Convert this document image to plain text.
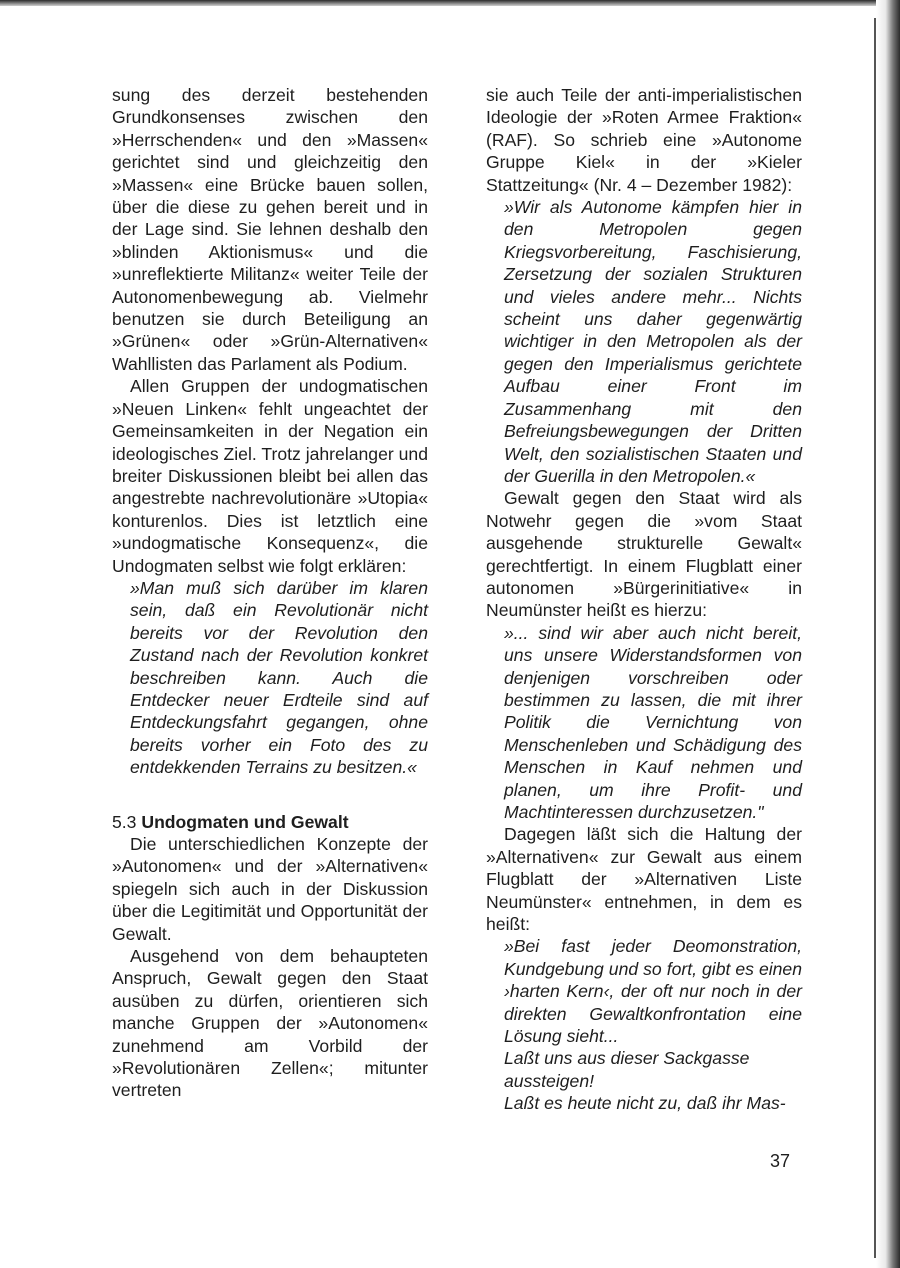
sung des derzeit bestehenden Grundkonsenses zwischen den »Herrschenden« und den »Massen« gerichtet sind und gleichzeitig den »Massen« eine Brücke bauen sollen, über die diese zu gehen bereit und in der Lage sind. Sie lehnen deshalb den »blinden Aktionismus« und die »unreflektierte Militanz« weiter Teile der Autonomenbewegung ab. Vielmehr benutzen sie durch Beteiligung an »Grünen« oder »Grün-Alternativen« Wahllisten das Parlament als Podium.

Allen Gruppen der undogmatischen »Neuen Linken« fehlt ungeachtet der Gemeinsamkeiten in der Negation ein ideologisches Ziel. Trotz jahrelanger und breiter Diskussionen bleibt bei allen das angestrebte nachrevolutionäre »Utopia« konturenlos. Dies ist letztlich eine »undogmatische Konsequenz«, die Undogmaten selbst wie folgt erklären:

»Man muß sich darüber im klaren sein, daß ein Revolutionär nicht bereits vor der Revolution den Zustand nach der Revolution konkret beschreiben kann. Auch die Entdecker neuer Erdteile sind auf Entdeckungsfahrt gegangen, ohne bereits vorher ein Foto des zu entdekkenden Terrains zu besitzen.«

5.3 Undogmaten und Gewalt

Die unterschiedlichen Konzepte der »Autonomen« und der »Alternativen« spiegeln sich auch in der Diskussion über die Legitimität und Opportunität der Gewalt.

Ausgehend von dem behaupteten Anspruch, Gewalt gegen den Staat ausüben zu dürfen, orientieren sich manche Gruppen der »Autonomen« zunehmend am Vorbild der »Revolutionären Zellen«; mitunter vertreten

sie auch Teile der anti-imperialistischen Ideologie der »Roten Armee Fraktion« (RAF). So schrieb eine »Autonome Gruppe Kiel« in der »Kieler Stattzeitung« (Nr. 4 – Dezember 1982):

»Wir als Autonome kämpfen hier in den Metropolen gegen Kriegsvorbereitung, Faschisierung, Zersetzung der sozialen Strukturen und vieles andere mehr... Nichts scheint uns daher gegenwärtig wichtiger in den Metropolen als der gegen den Imperialismus gerichtete Aufbau einer Front im Zusammenhang mit den Befreiungsbewegungen der Dritten Welt, den sozialistischen Staaten und der Guerilla in den Metropolen.«

Gewalt gegen den Staat wird als Notwehr gegen die »vom Staat ausgehende strukturelle Gewalt« gerechtfertigt. In einem Flugblatt einer autonomen »Bürgerinitiative« in Neumünster heißt es hierzu:

»... sind wir aber auch nicht bereit, uns unsere Widerstandsformen von denjenigen vorschreiben oder bestimmen zu lassen, die mit ihrer Politik die Vernichtung von Menschenleben und Schädigung des Menschen in Kauf nehmen und planen, um ihre Profit- und Machtinteressen durchzusetzen."

Dagegen läßt sich die Haltung der »Alternativen« zur Gewalt aus einem Flugblatt der »Alternativen Liste Neumünster« entnehmen, in dem es heißt:

»Bei fast jeder Deomonstration, Kundgebung und so fort, gibt es einen ›harten Kern‹, der oft nur noch in der direkten Gewaltkonfrontation eine Lösung sieht...

Laßt uns aus dieser Sackgasse aussteigen!

Laßt es heute nicht zu, daß ihr Mas-

37
